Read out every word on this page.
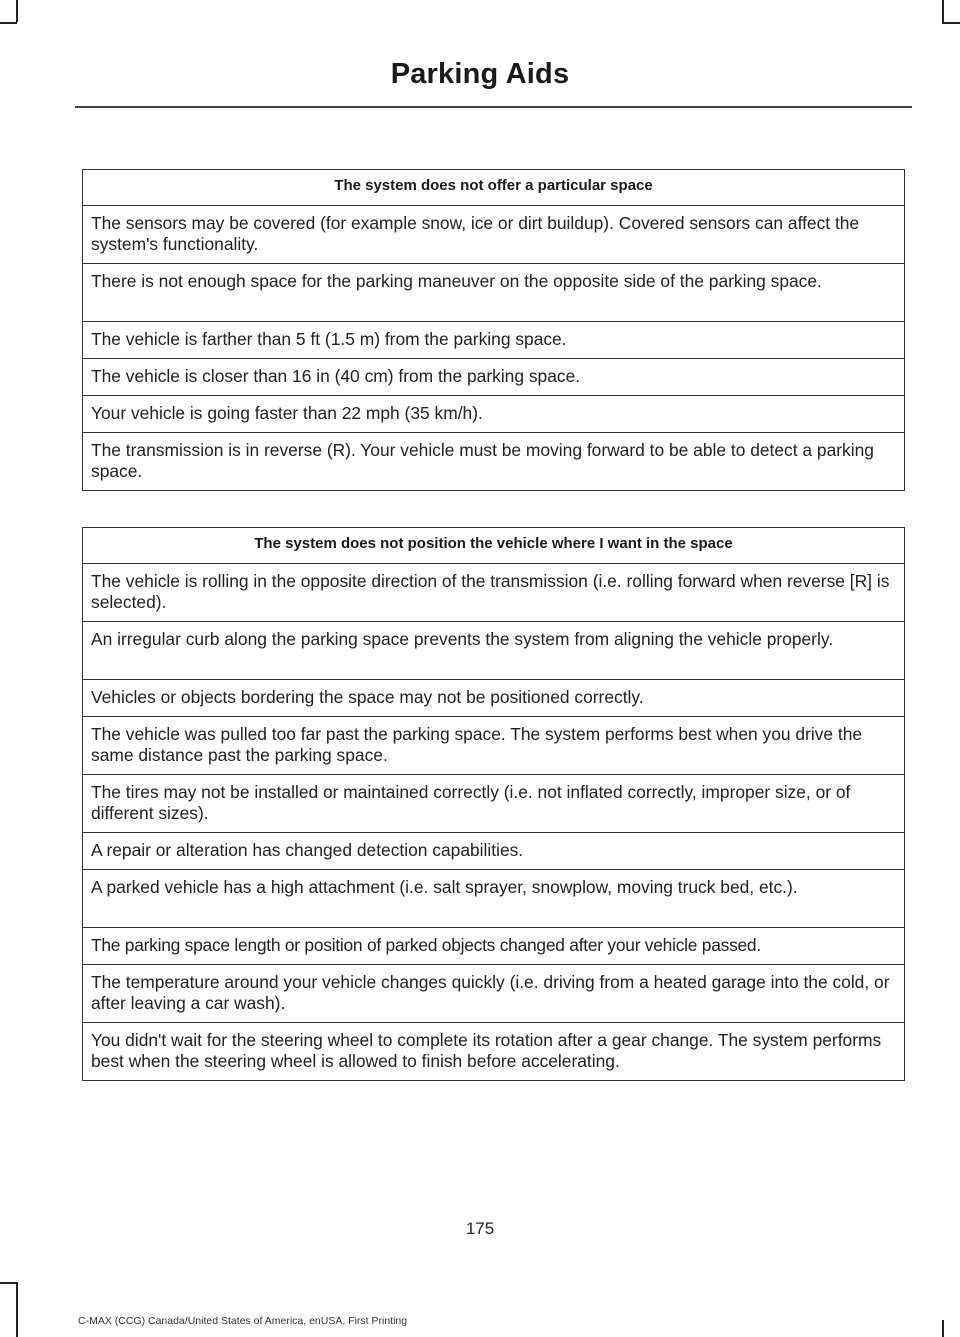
Parking Aids
The system does not offer a particular space
The sensors may be covered (for example snow, ice or dirt buildup). Covered sensors can affect the system's functionality.
There is not enough space for the parking maneuver on the opposite side of the parking space.
The vehicle is farther than 5 ft (1.5 m) from the parking space.
The vehicle is closer than 16 in (40 cm) from the parking space.
Your vehicle is going faster than 22 mph (35 km/h).
The transmission is in reverse (R). Your vehicle must be moving forward to be able to detect a parking space.
The system does not position the vehicle where I want in the space
The vehicle is rolling in the opposite direction of the transmission (i.e. rolling forward when reverse [R] is selected).
An irregular curb along the parking space prevents the system from aligning the vehicle properly.
Vehicles or objects bordering the space may not be positioned correctly.
The vehicle was pulled too far past the parking space. The system performs best when you drive the same distance past the parking space.
The tires may not be installed or maintained correctly (i.e. not inflated correctly, improper size, or of different sizes).
A repair or alteration has changed detection capabilities.
A parked vehicle has a high attachment (i.e. salt sprayer, snowplow, moving truck bed, etc.).
The parking space length or position of parked objects changed after your vehicle passed.
The temperature around your vehicle changes quickly (i.e. driving from a heated garage into the cold, or after leaving a car wash).
You didn't wait for the steering wheel to complete its rotation after a gear change. The system performs best when the steering wheel is allowed to finish before accelerating.
175
C-MAX (CCG) Canada/United States of America, enUSA, First Printing
